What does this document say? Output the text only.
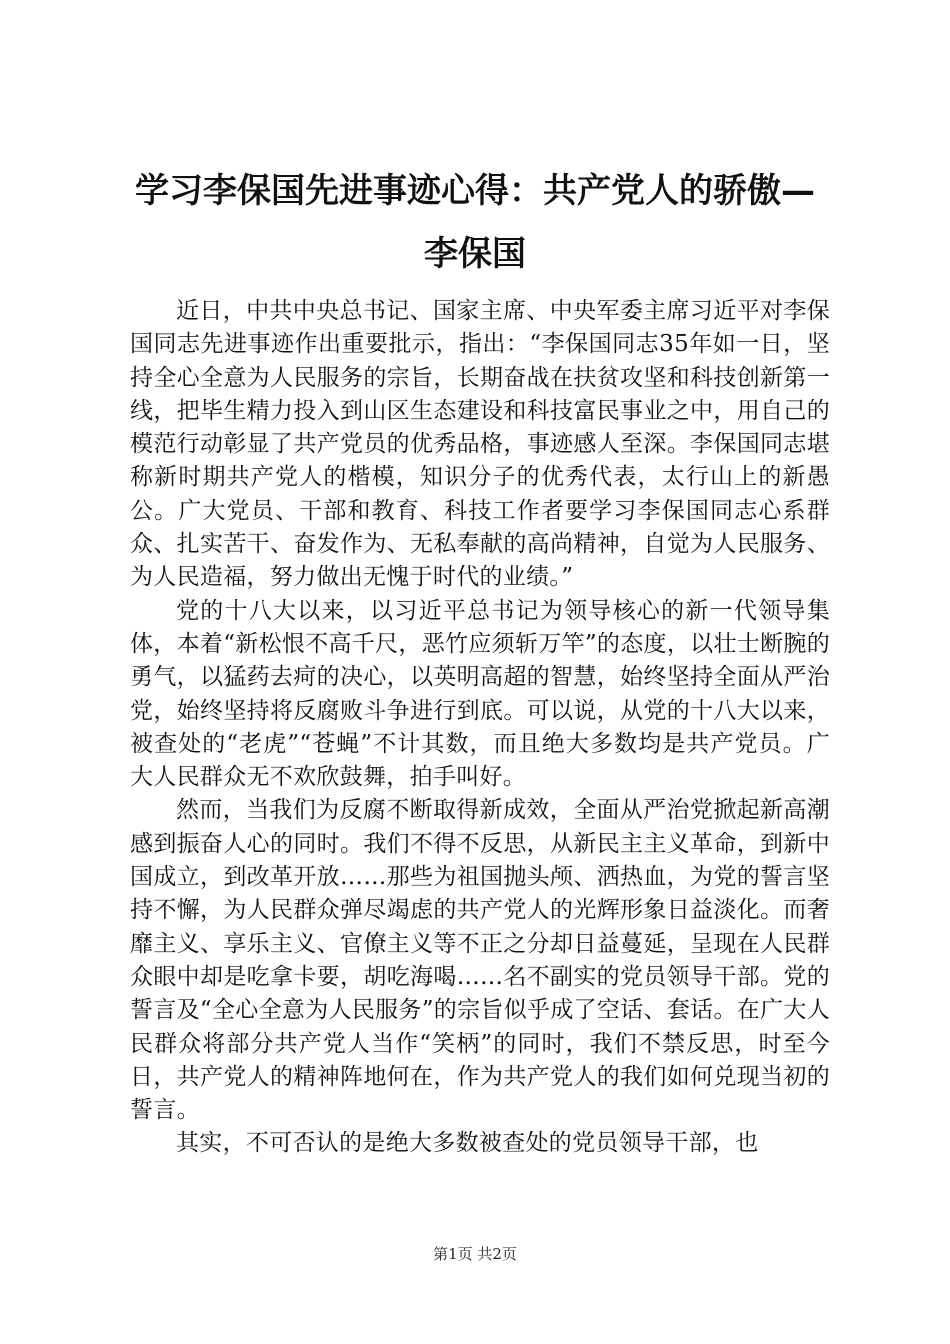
学习李保国先进事迹心得：共产党人的骄傲—李保国

近日，中共中央总书记、国家主席、中央军委主席习近平对李保国同志先进事迹作出重要批示，指出：“李保国同志35年如一日，坚持全心全意为人民服务的宗旨，长期奋战在扶贫攻坚和科技创新第一线，把毕生精力投入到山区生态建设和科技富民事业之中，用自己的模范行动彰显了共产党员的优秀品格，事迹感人至深。李保国同志堪称新时期共产党人的楷模，知识分子的优秀代表，太行山上的新愚公。广大党员、干部和教育、科技工作者要学习李保国同志心系群众、扎实苦干、奋发作为、无私奉献的高尚精神，自觉为人民服务、为人民造福，努力做出无愧于时代的业绩。”

党的十八大以来，以习近平总书记为领导核心的新一代领导集体，本着“新松恨不高千尺，恶竹应须斩万竿”的态度，以壮士断腕的勇气，以猛药去疴的决心，以英明高超的智慧，始终坚持全面从严治党，始终坚持将反腐败斗争进行到底。可以说，从党的十八大以来，被查处的“老虎”“苍蝇”不计其数，而且绝大多数均是共产党员。广大人民群众无不欢欣鼓舞，拍手叫好。

然而，当我们为反腐不断取得新成效，全面从严治党掀起新高潮感到振奋人心的同时。我们不得不反思，从新民主主义革命，到新中国成立，到改革开放……那些为祖国抛头颅、洒热血，为党的誓言坚持不懈，为人民群众弹尽竭虑的共产党人的光辉形象日益淡化。而奢靡主义、享乐主义、官僚主义等不正之分却日益蔓延，呈现在人民群众眼中却是吃拿卡要，胡吃海喝……名不副实的党员领导干部。党的誓言及“全心全意为人民服务”的宗旨似乎成了空话、套话。在广大人民群众将部分共产党人当作“笑柄”的同时，我们不禁反思，时至今日，共产党人的精神阵地何在，作为共产党人的我们如何兑现当初的誓言。

其实，不可否认的是绝大多数被查处的党员领导干部，也

第1页 共2页
